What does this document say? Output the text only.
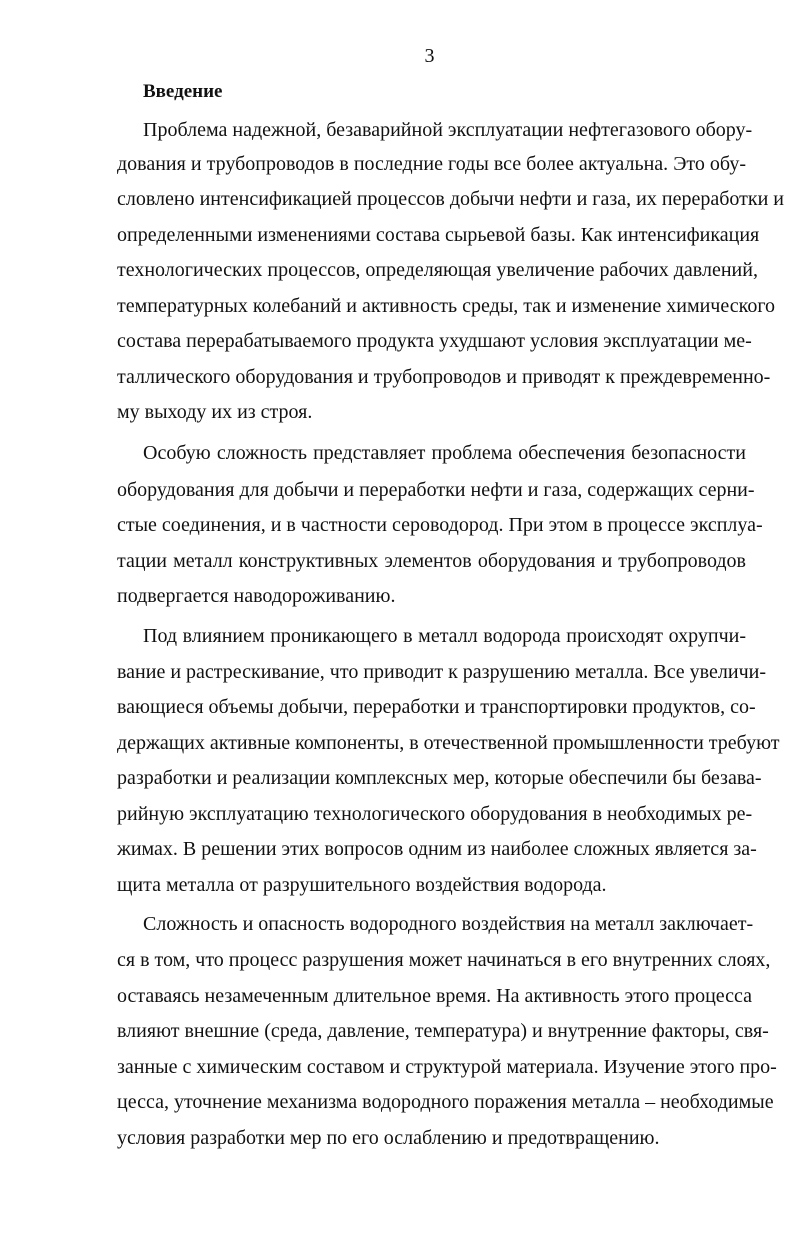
3
Введение
Проблема надежной, безаварийной эксплуатации нефтегазового обору-
дования и трубопроводов в последние годы все более актуальна. Это обу-
словлено интенсификацией процессов добычи нефти и газа, их переработки и
определенными изменениями состава сырьевой базы. Как интенсификация
технологических процессов, определяющая увеличение рабочих давлений,
температурных колебаний и активность среды, так и изменение химического
состава перерабатываемого продукта ухудшают условия эксплуатации ме-
таллического оборудования и трубопроводов и приводят к преждевременно-
му выходу их из строя.
Особую сложность представляет проблема обеспечения безопасности
оборудования для добычи и переработки нефти и газа, содержащих серни-
стые соединения, и в частности сероводород. При этом в процессе эксплуа-
тации металл конструктивных элементов оборудования и трубопроводов
подвергается наводороживанию.
Под влиянием проникающего в металл водорода происходят охрупчи-
вание и растрескивание, что приводит к разрушению металла. Все увеличи-
вающиеся объемы добычи, переработки и транспортировки продуктов, со-
держащих активные компоненты, в отечественной промышленности требуют
разработки и реализации комплексных мер, которые обеспечили бы безава-
рийную эксплуатацию технологического оборудования в необходимых ре-
жимах. В решении этих вопросов одним из наиболее сложных является за-
щита металла от разрушительного воздействия водорода.
Сложность и опасность водородного воздействия на металл заключает-
ся в том, что процесс разрушения может начинаться в его внутренних слоях,
оставаясь незамеченным длительное время. На активность этого процесса
влияют внешние (среда, давление, температура) и внутренние факторы, свя-
занные с химическим составом и структурой материала. Изучение этого про-
цесса, уточнение механизма водородного поражения металла – необходимые
условия разработки мер по его ослаблению и предотвращению.
